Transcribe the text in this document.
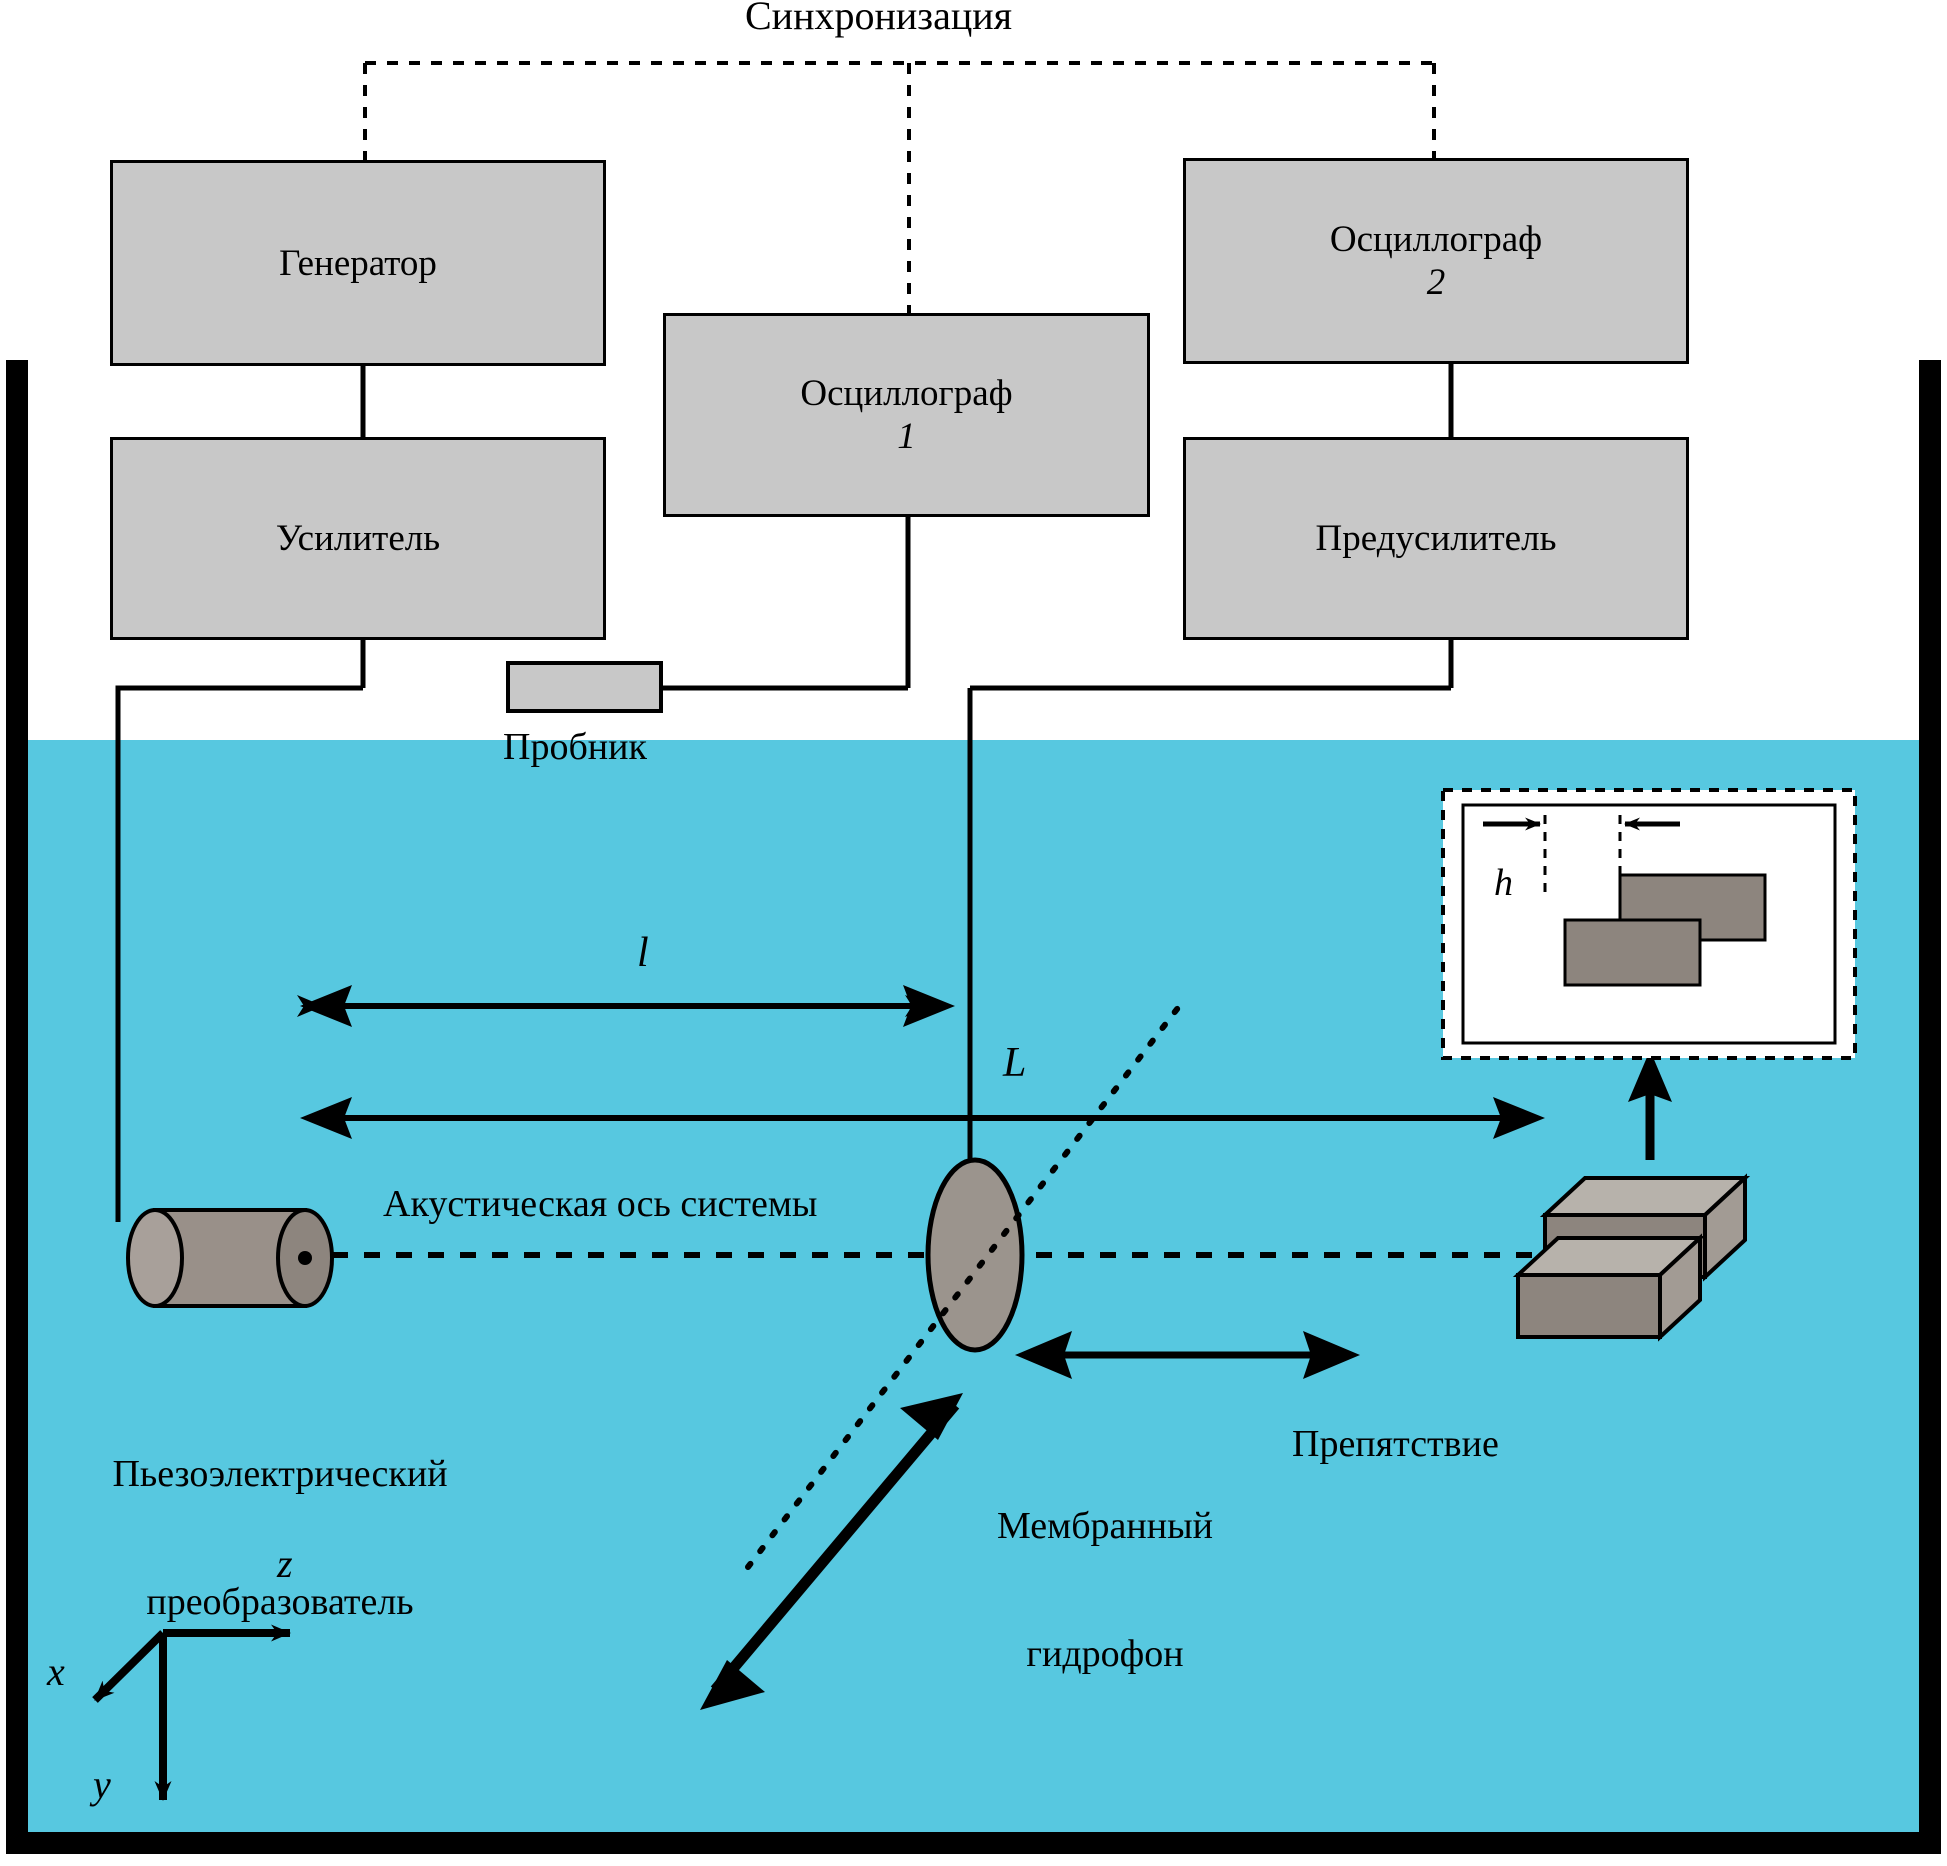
Генератор
Усилитель
Осциллограф
1
Осциллограф
2
Предусилитель
Синхронизация
Пробник
l
L
h
Акустическая ось системы

Пьезоэлектрический

преобразователь

Мембранный

гидрофон

Препятствие
z
x
y
